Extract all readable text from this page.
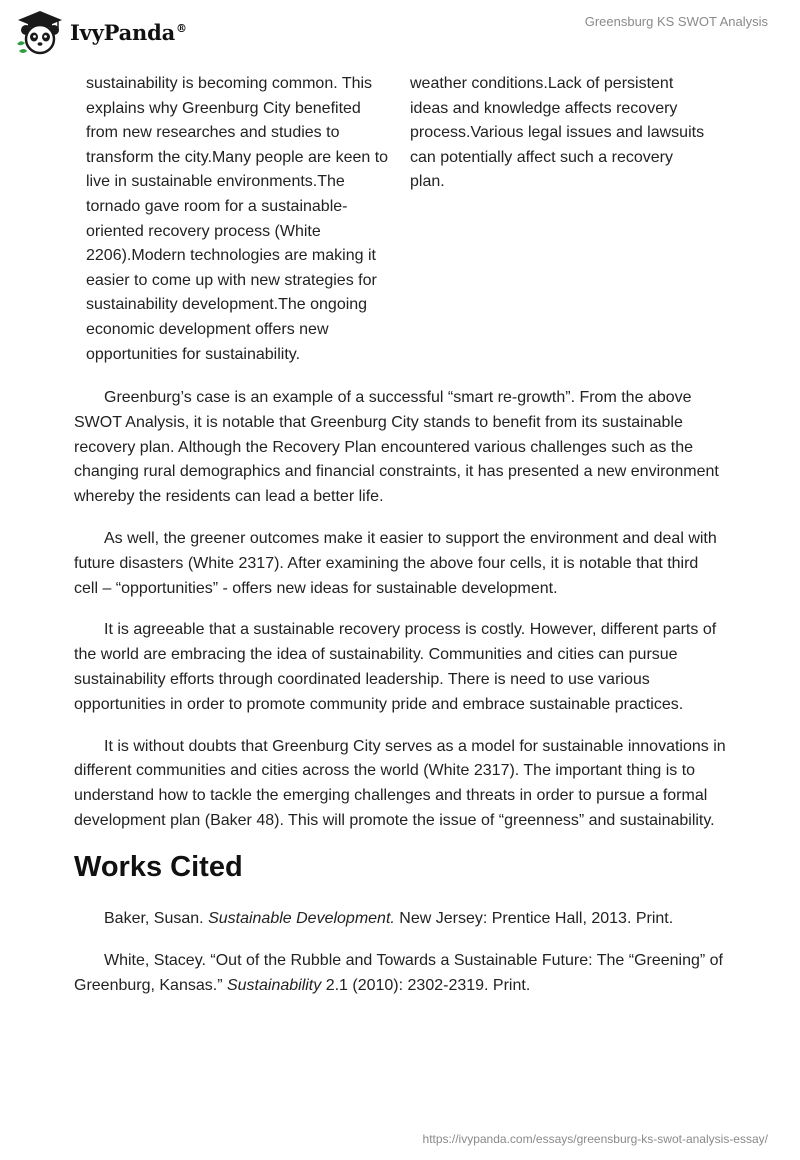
IvyPanda®	Greensburg KS SWOT Analysis
sustainability is becoming common. This explains why Greenburg City benefited from new researches and studies to transform the city.Many people are keen to live in sustainable environments.The tornado gave room for a sustainable-oriented recovery process (White 2206).Modern technologies are making it easier to come up with new strategies for sustainability development.The ongoing economic development offers new opportunities for sustainability.
weather conditions.Lack of persistent ideas and knowledge affects recovery process.Various legal issues and lawsuits can potentially affect such a recovery plan.

Greenburg’s case is an example of a successful “smart re-growth”. From the above SWOT Analysis, it is notable that Greenburg City stands to benefit from its sustainable recovery plan. Although the Recovery Plan encountered various challenges such as the changing rural demographics and financial constraints, it has presented a new environment whereby the residents can lead a better life.

As well, the greener outcomes make it easier to support the environment and deal with future disasters (White 2317). After examining the above four cells, it is notable that third cell – “opportunities” - offers new ideas for sustainable development.

It is agreeable that a sustainable recovery process is costly. However, different parts of the world are embracing the idea of sustainability. Communities and cities can pursue sustainability efforts through coordinated leadership. There is need to use various opportunities in order to promote community pride and embrace sustainable practices.

It is without doubts that Greenburg City serves as a model for sustainable innovations in different communities and cities across the world (White 2317). The important thing is to understand how to tackle the emerging challenges and threats in order to pursue a formal development plan (Baker 48). This will promote the issue of “greenness” and sustainability.

Works Cited

Baker, Susan. Sustainable Development. New Jersey: Prentice Hall, 2013. Print.

White, Stacey. “Out of the Rubble and Towards a Sustainable Future: The “Greening” of Greenburg, Kansas.” Sustainability 2.1 (2010): 2302-2319. Print.

https://ivypanda.com/essays/greensburg-ks-swot-analysis-essay/
